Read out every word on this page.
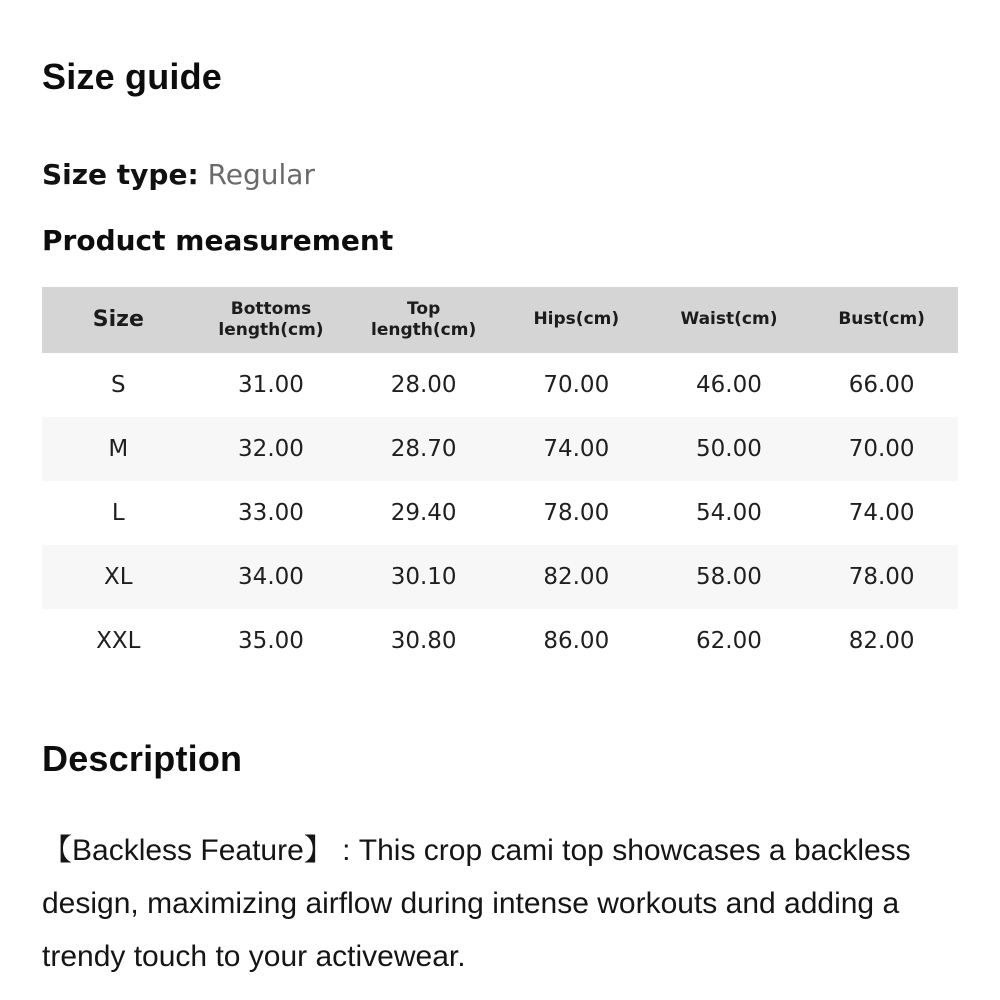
Size guide
Size type: Regular
Product measurement
Size	Bottoms length(cm)	Top length(cm)	Hips(cm)	Waist(cm)	Bust(cm)
S	31.00	28.00	70.00	46.00	66.00
M	32.00	28.70	74.00	50.00	70.00
L	33.00	29.40	78.00	54.00	74.00
XL	34.00	30.10	82.00	58.00	78.00
XXL	35.00	30.80	86.00	62.00	82.00
Description

【Backless Feature】 : This crop cami top showcases a backless design, maximizing airflow during intense workouts and adding a trendy touch to your activewear.
